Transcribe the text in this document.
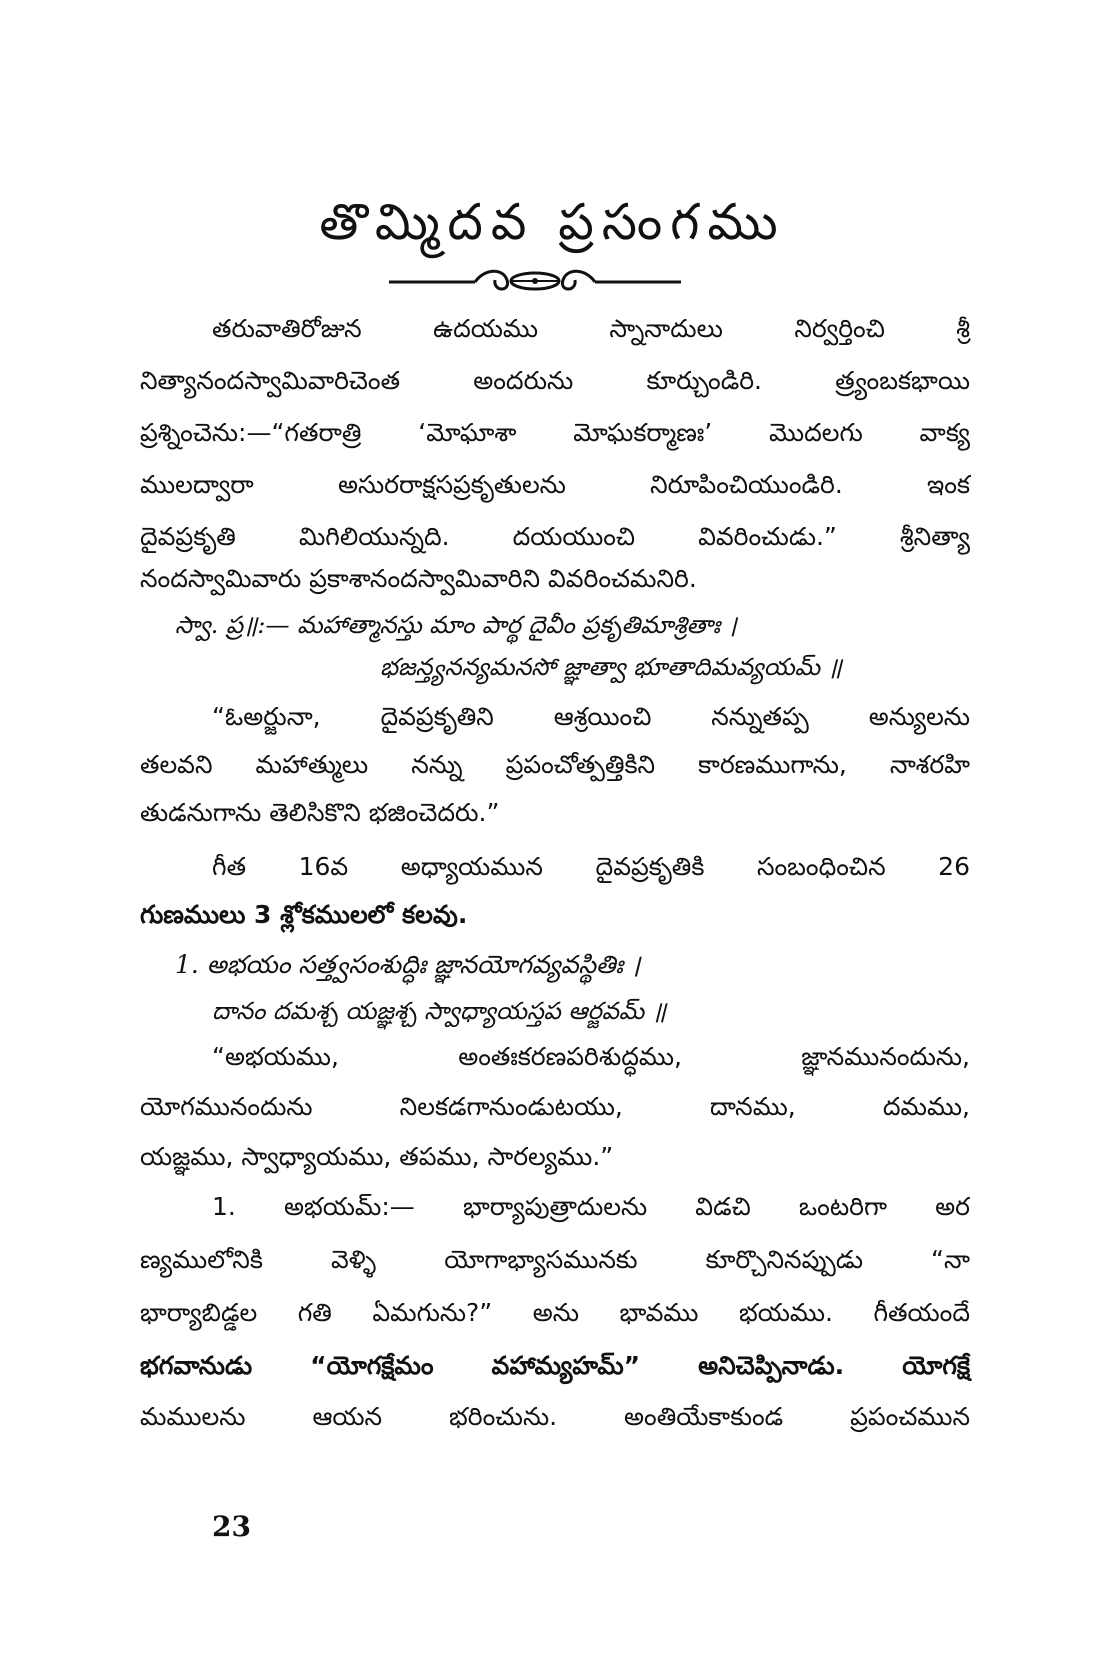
తొమ్మిదవ ప్రసంగము

తరువాతిరోజున ఉదయము స్నానాదులు నిర్వర్తించి శ్రీ

నిత్యానందస్వామివారిచెంత అందరును కూర్చుండిరి. త్ర్యంబకభాయి

ప్రశ్నించెను:—“గతరాత్రి ‘మోఘాశా మోఘకర్మాణః’ మొదలగు వాక్య

ములద్వారా అసురరాక్షసప్రకృతులను నిరూపించియుండిరి. ఇంక

దైవప్రకృతి మిగిలియున్నది. దయయుంచి వివరించుడు.” శ్రీనిత్యా

నందస్వామివారు ప్రకాశానందస్వామివారిని వివరించమనిరి.

స్వా. ప్ర॥:— మహాత్మానస్తు మాం పార్థ దైవీం ప్రకృతిమాశ్రితాః ।

భజన్త్యనన్యమనసో జ్ఞాత్వా భూతాదిమవ్యయమ్ ॥

“ఓఅర్జునా, దైవప్రకృతిని ఆశ్రయించి నన్నుతప్ప అన్యులను

తలవని మహాత్ములు నన్ను ప్రపంచోత్పత్తికిని కారణముగాను, నాశరహి

తుడనుగాను తెలిసికొని భజించెదరు.”

గీత 16వ అధ్యాయమున దైవప్రకృతికి సంబంధించిన 26

గుణములు 3 శ్లోకములలో కలవు.

1. అభయం సత్త్వసంశుద్ధిః జ్ఞానయోగవ్యవస్థితిః ।

దానం దమశ్చ యజ్ఞశ్చ స్వాధ్యాయస్తప ఆర్జవమ్ ॥

“అభయము, అంతఃకరణపరిశుద్ధము, జ్ఞానమునందును,

యోగమునందును నిలకడగానుండుటయు, దానము, దమము,

యజ్ఞము, స్వాధ్యాయము, తపము, సారల్యము.”

1. అభయమ్:— భార్యాపుత్రాదులను విడచి ఒంటరిగా అర

ణ్యములోనికి వెళ్ళి యోగాభ్యాసమునకు కూర్చొనినప్పుడు “నా

భార్యాబిడ్డల గతి ఏమగును?” అను భావము భయము. గీతయందే

భగవానుడు “యోగక్షేమం వహామ్యహమ్” అనిచెప్పినాడు. యోగక్షే

మములను ఆయన భరించును. అంతియేకాకుండ ప్రపంచమున

23
